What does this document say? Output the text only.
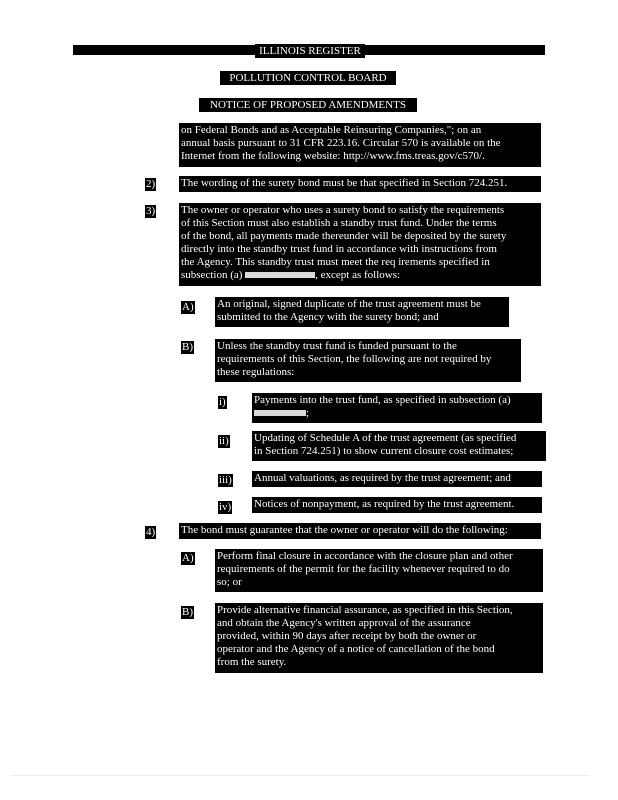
ILLINOIS REGISTER
POLLUTION CONTROL BOARD
NOTICE OF PROPOSED AMENDMENTS
on Federal Bonds and as Acceptable Reinsuring Companies,"; on an
annual basis pursuant to 31 CFR 223.16. Circular 570 is available on the
Internet from the following website: http://www.fms.treas.gov/c570/.
2) The wording of the surety bond must be that specified in Section 724.251.
3) The owner or operator who uses a surety bond to satisfy the requirements
of this Section must also establish a standby trust fund. Under the terms
of the bond, all payments made thereunder will be deposited by the surety
directly into the standby trust fund in accordance with instructions from
the Agency. This standby trust must meet the req irements specified in
subsection (a)	, except as follows:
A) An original, signed duplicate of the trust agreement must be
submitted to the Agency with the surety bond; and
B) Unless the standby trust fund is funded pursuant to the
requirements of this Section, the following are not required by
these regulations:
i)	Payments into the trust fund, as specified in subsection (a)
;
ii) Updating of Schedule A of the trust agreement (as specified
in Section 724.251) to show current closure cost estimates;
iii) Annual valuations, as required by the trust agreement; and
iv) Notices of nonpayment, as required by the trust agreement.
4) The bond must guarantee that the owner or operator will do the following:
A) Perform final closure in accordance with the closure plan and other
requirements of the permit for the facility whenever required to do
so; or
B) Provide alternative financial assurance, as specified in this Section,
and obtain the Agency's written approval of the assurance
provided, within 90 days after receipt by both the owner or
operator and the Agency of a notice of cancellation of the bond
from the surety.
